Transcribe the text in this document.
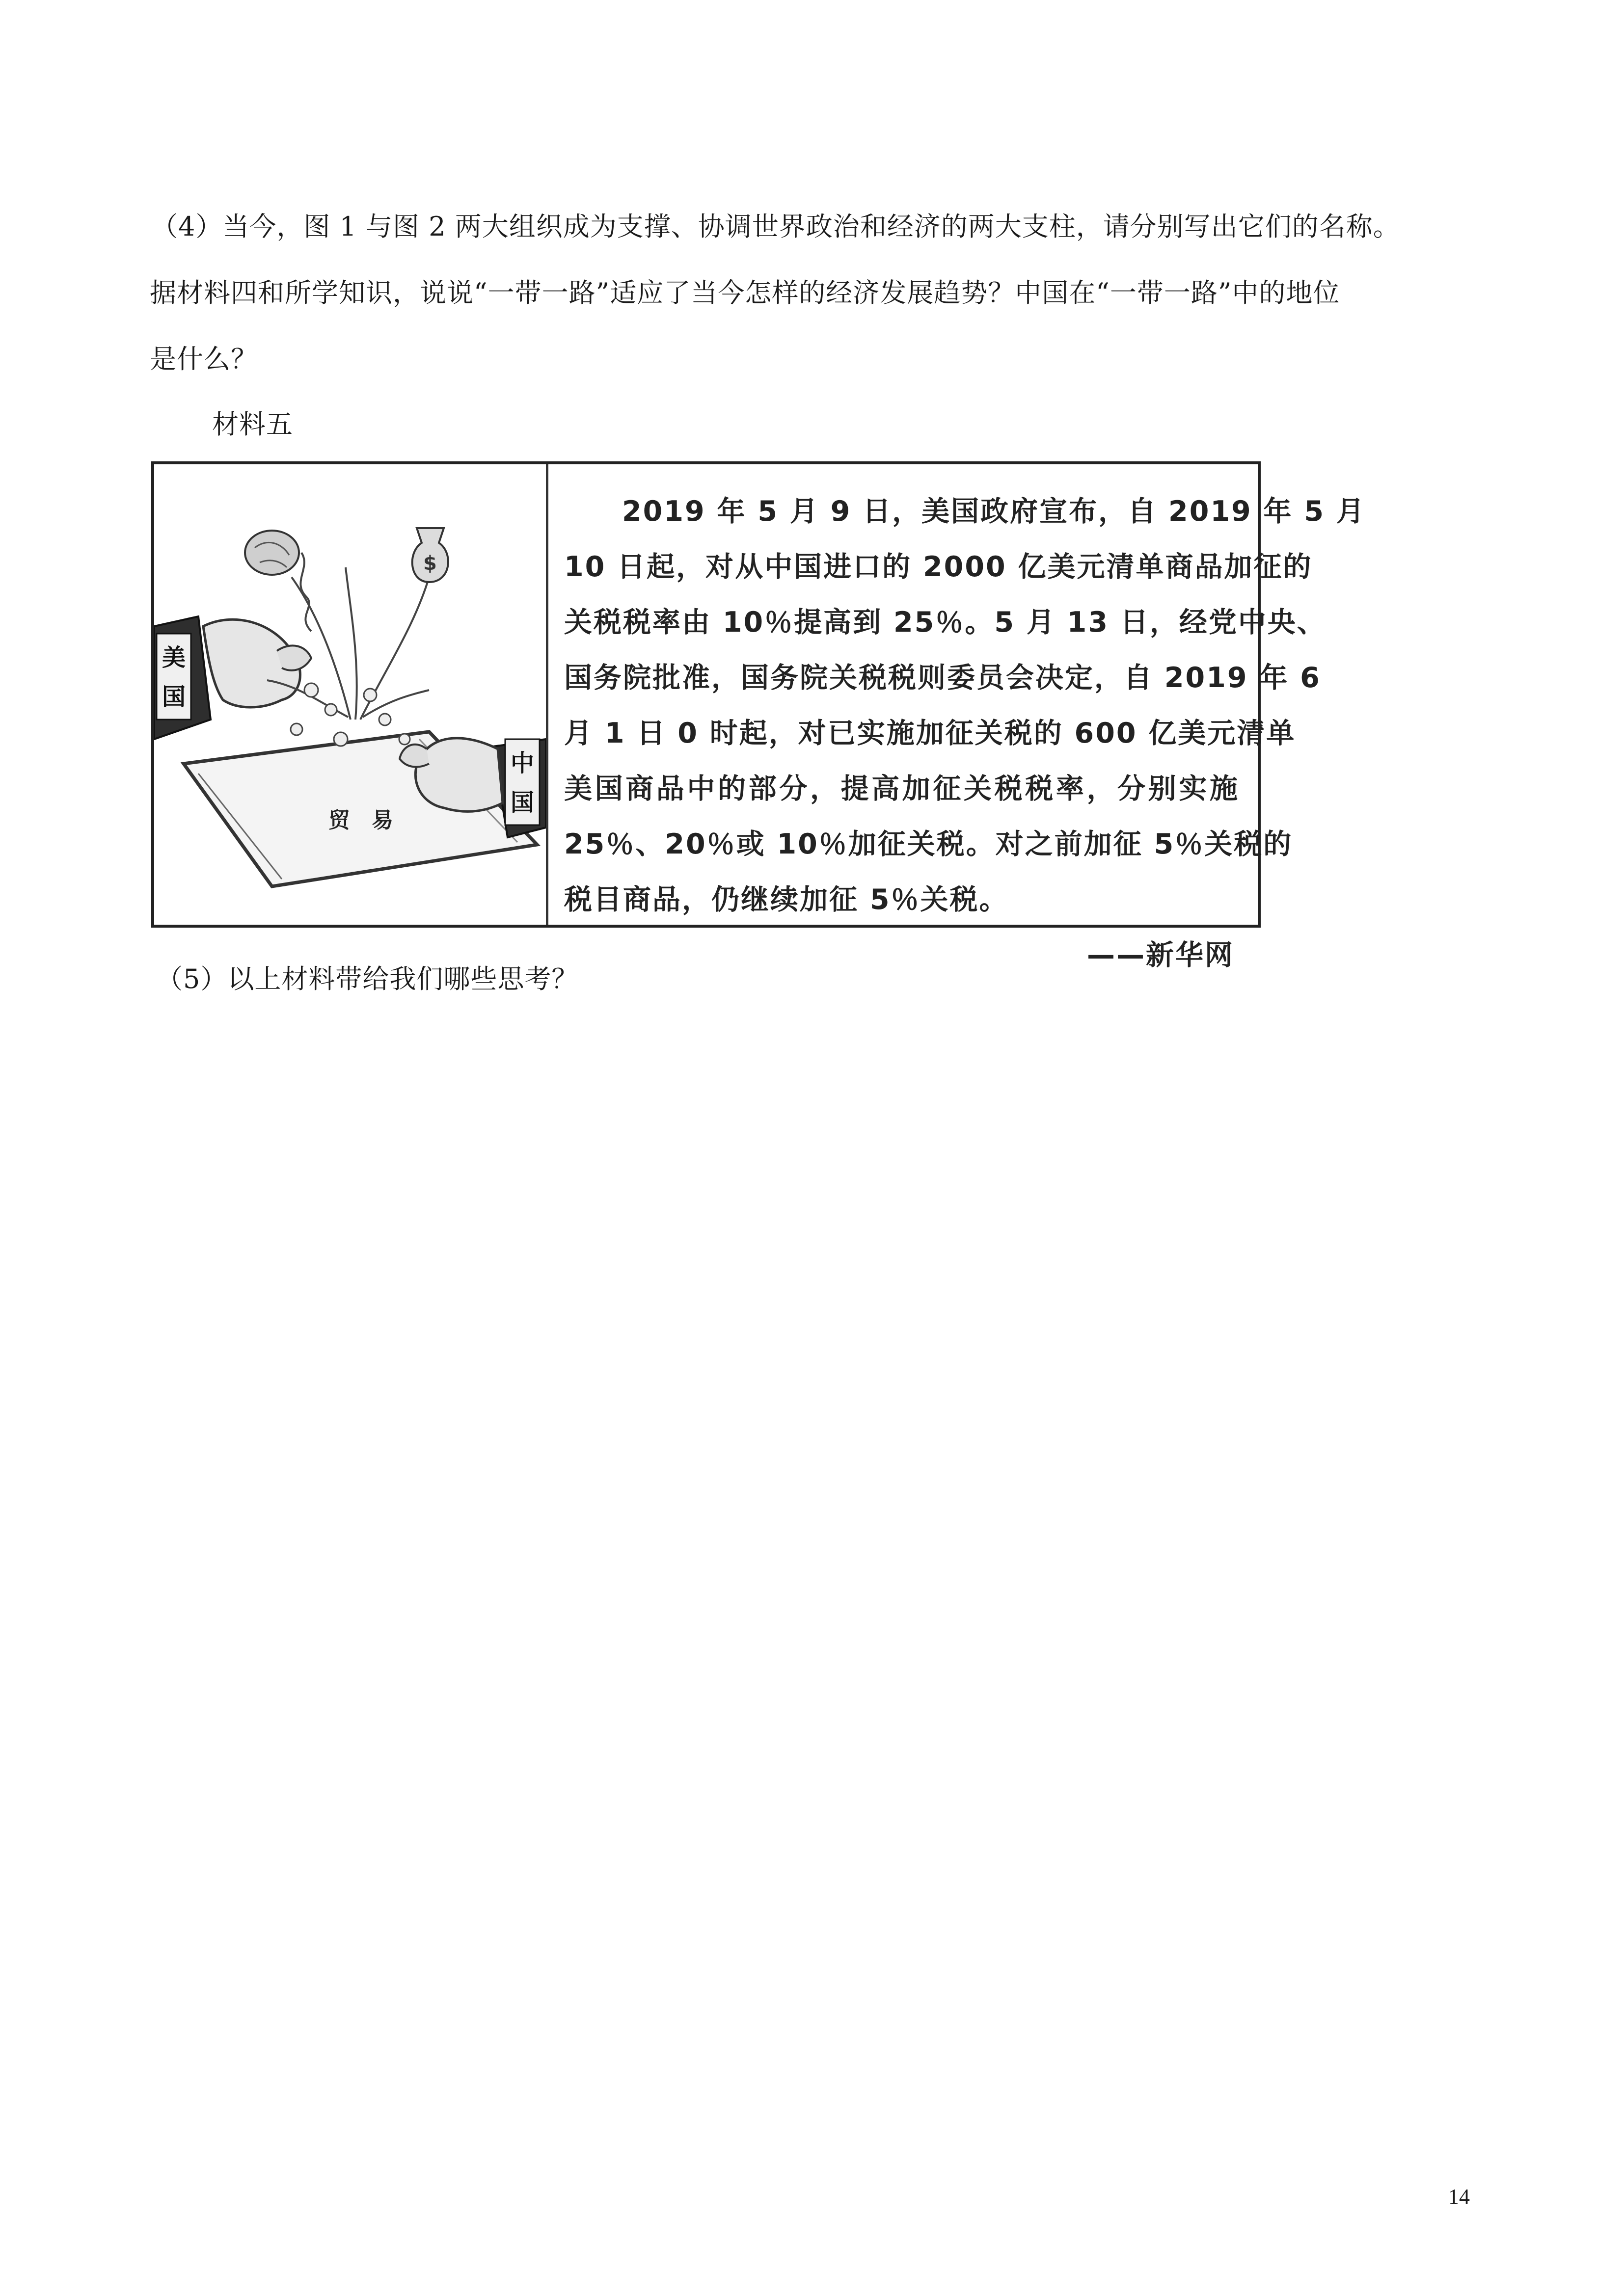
（4）当今，图 1 与图 2 两大组织成为支撑、协调世界政治和经济的两大支柱，请分别写出它们的名称。
据材料四和所学知识，说说“一带一路”适应了当今怎样的经济发展趋势？中国在“一带一路”中的地位
是什么？
材料五
贸　易
美
国
中
国
$
2019 年 5 月 9 日，美国政府宣布，自 2019 年 5 月
10 日起，对从中国进口的 2000 亿美元清单商品加征的
关税税率由 10％提高到 25％。5 月 13 日，经党中央、
国务院批准，国务院关税税则委员会决定，自 2019 年 6
月 1 日 0 时起，对已实施加征关税的 600 亿美元清单
美国商品中的部分，提高加征关税税率，分别实施
25％、20％或 10％加征关税。对之前加征 5％关税的
税目商品，仍继续加征 5％关税。
——新华网
（5）以上材料带给我们哪些思考？
14
